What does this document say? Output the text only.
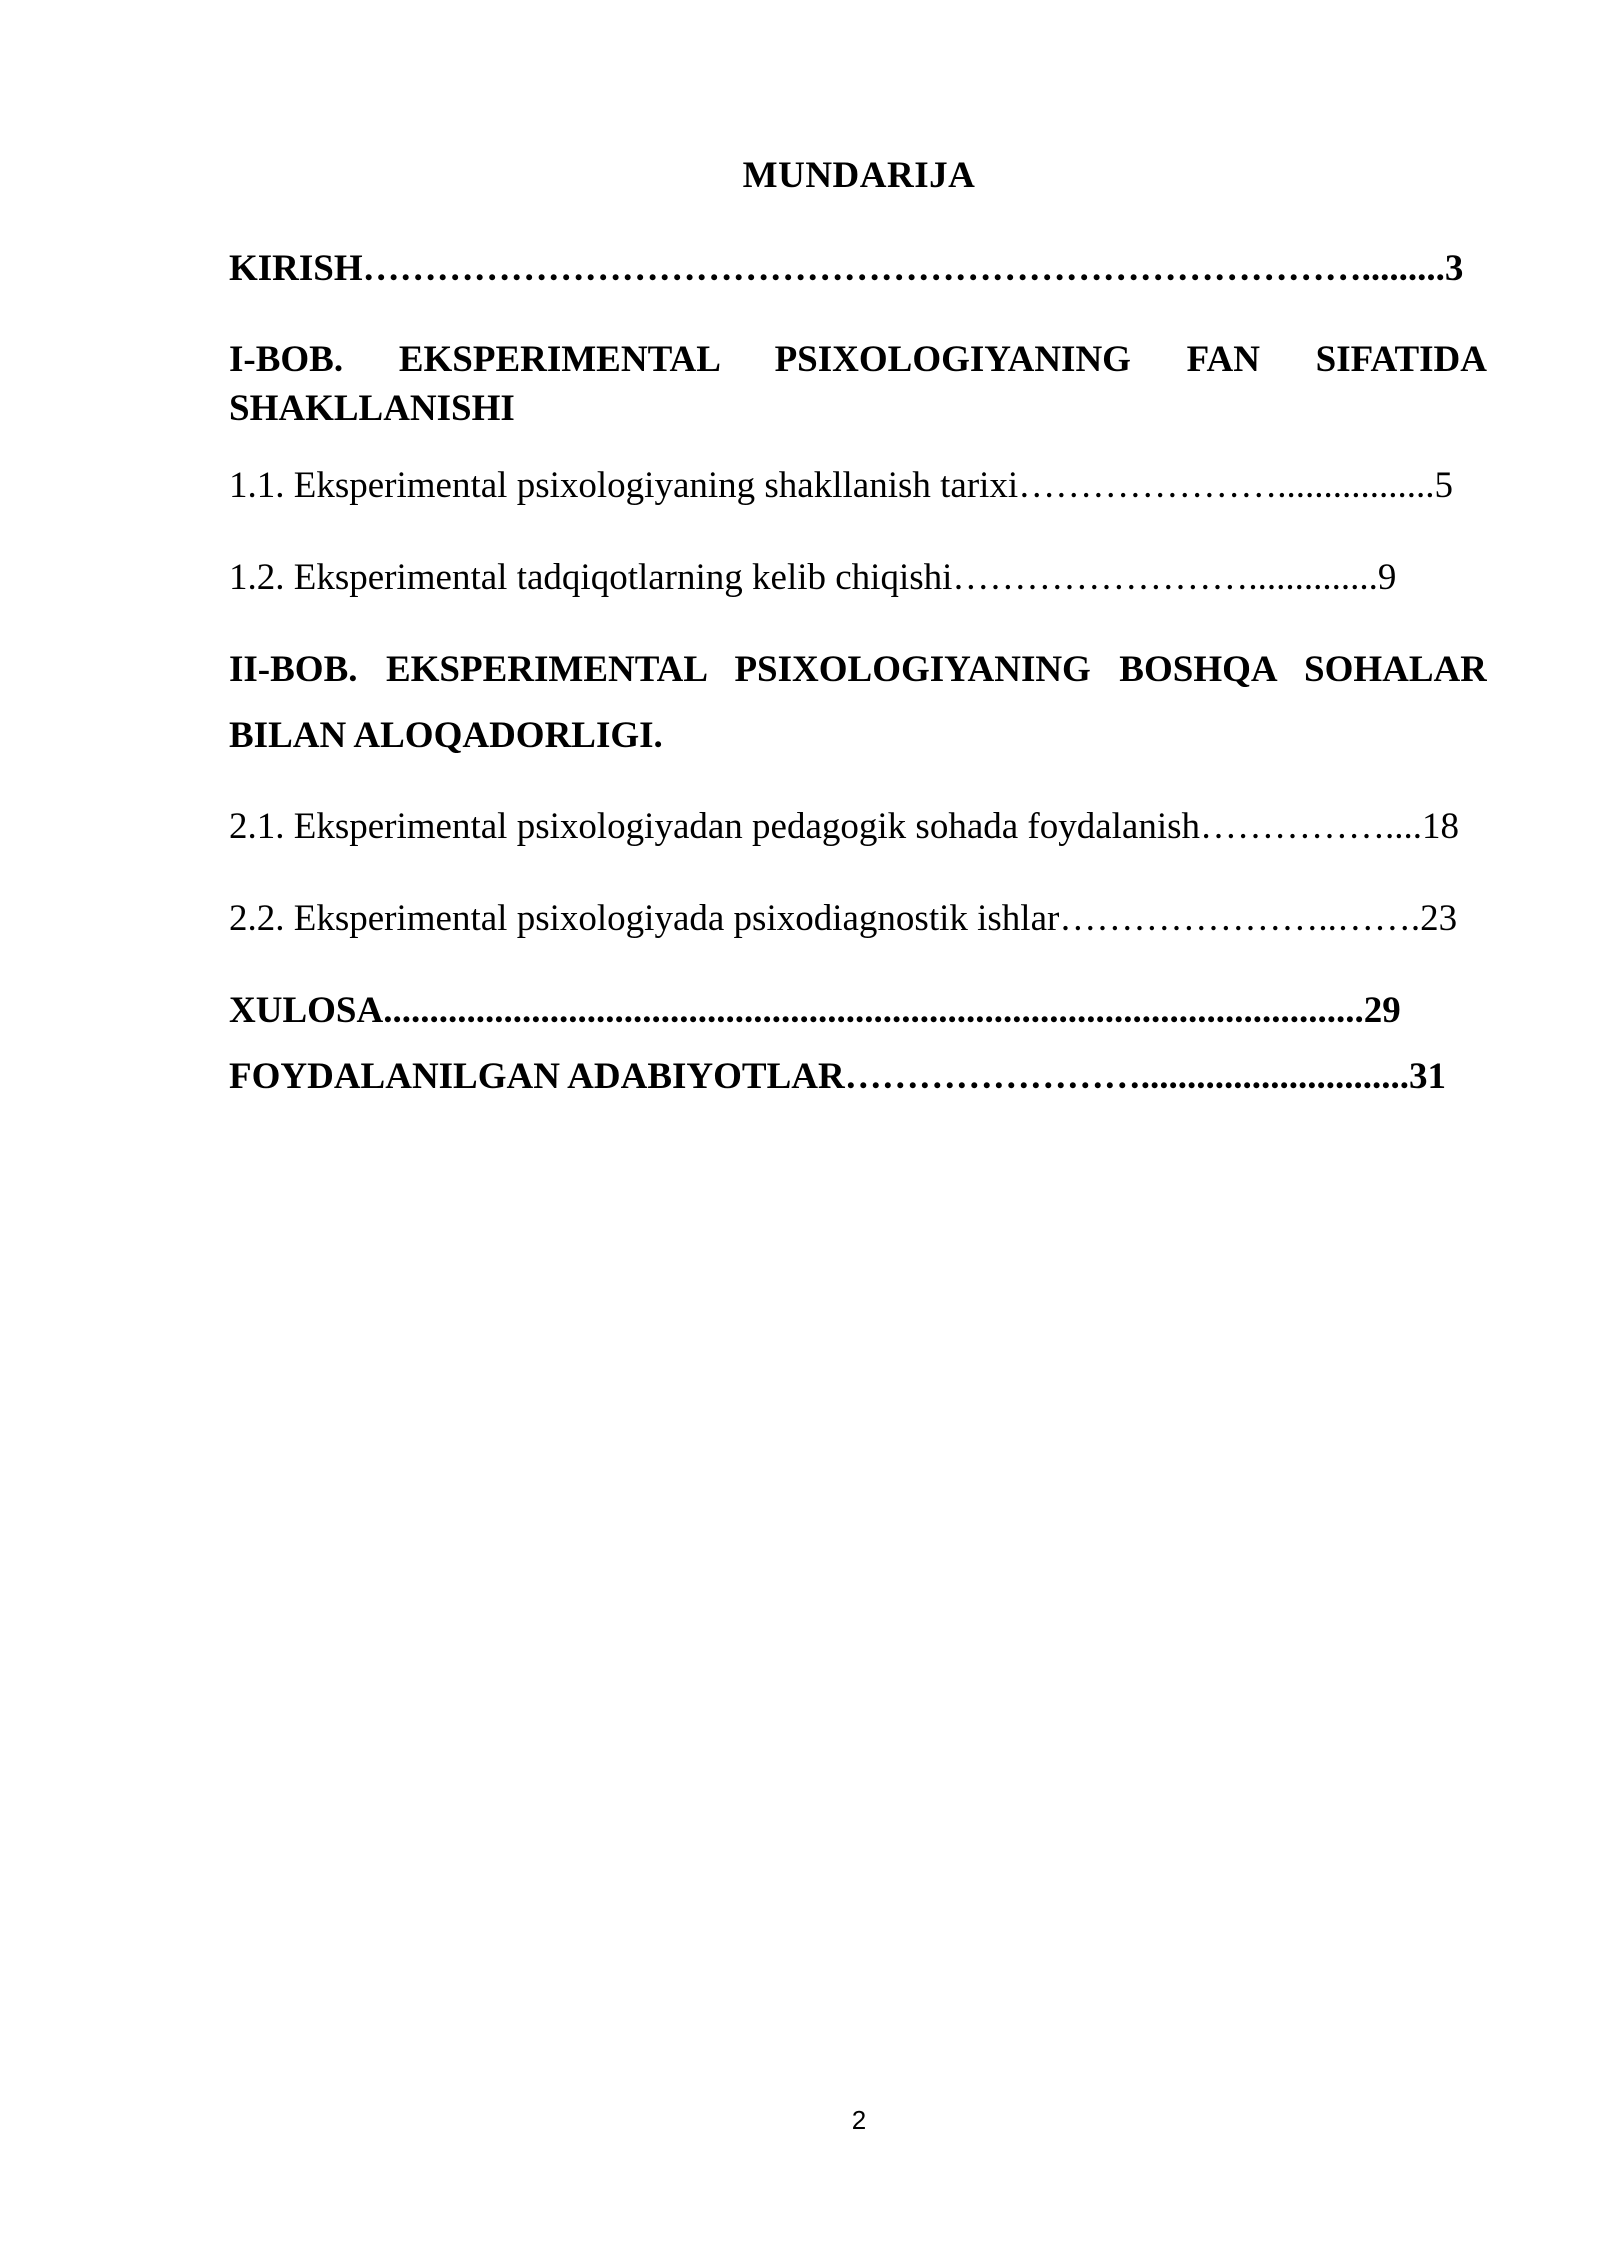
MUNDARIJA
KIRISH……………………………………………………………………….........3
I-BOB. EKSPERIMENTAL PSIXOLOGIYANING FAN SIFATIDA
SHAKLLANISHI
1.1. Eksperimental psixologiyaning shakllanish tarixi………………….................5
1.2. Eksperimental tadqiqotlarning kelib chiqishi……………………..............9
II-BOB. EKSPERIMENTAL PSIXOLOGIYANING BOSHQA SOHALAR
BILAN ALOQADORLIGI.
2.1. Eksperimental psixologiyadan pedagogik sohada foydalanish……………....18
2.2. Eksperimental psixologiyada psixodiagnostik ishlar…………………..…….23
XULOSA..........................................................................................................29
FOYDALANILGAN ADABIYOTLAR…………………….............................31
2
